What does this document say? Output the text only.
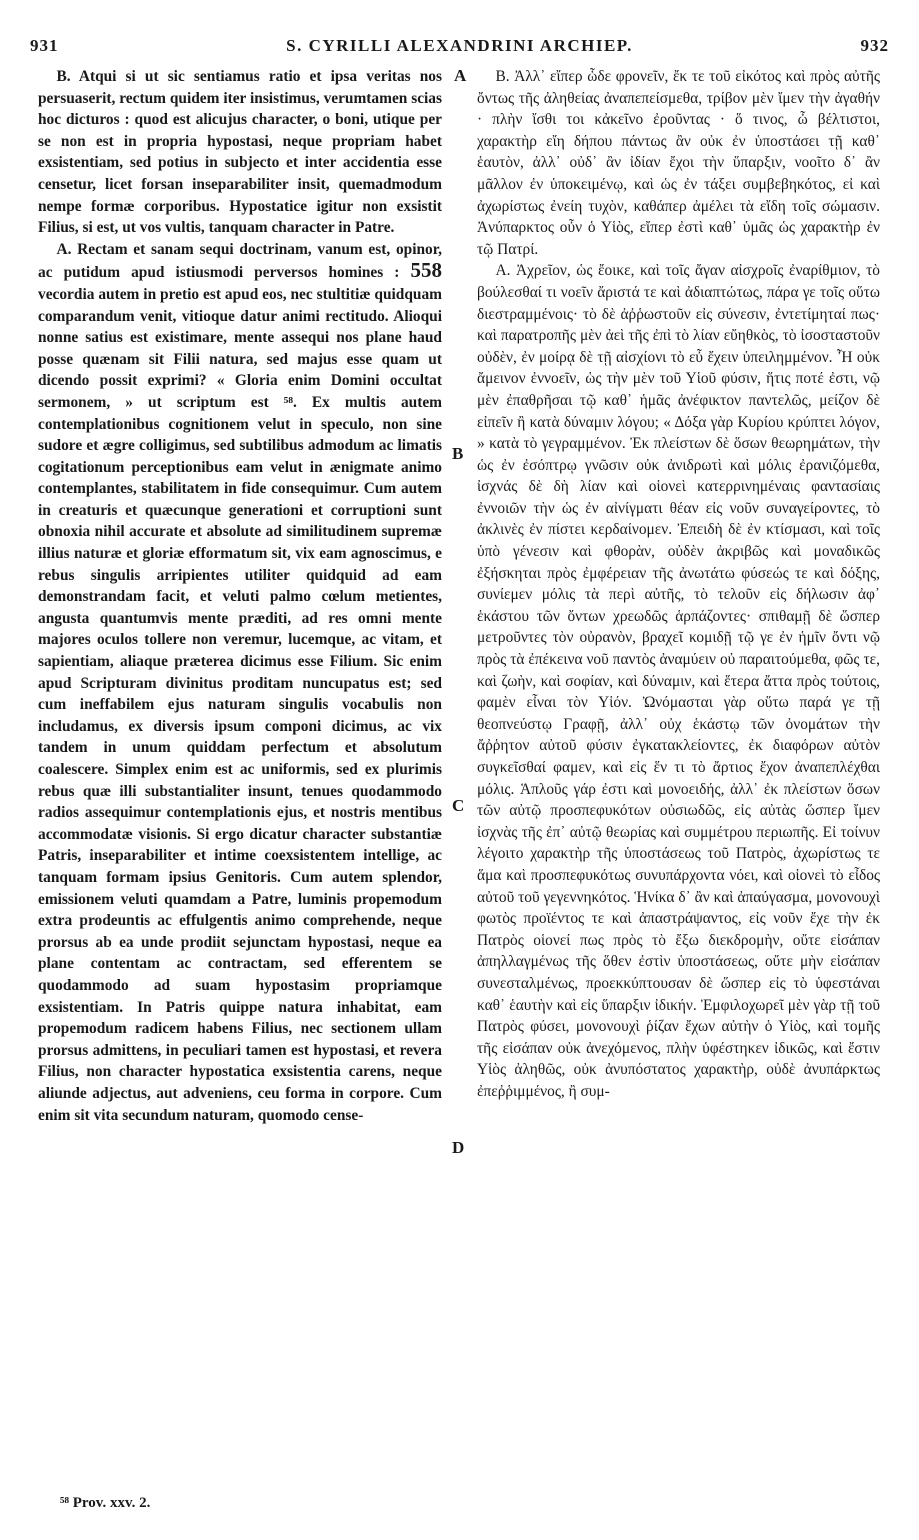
931	S. CYRILLI ALEXANDRINI ARCHIEP.	932

B. Atqui si ut sic sentiamus ratio et ipsa veritas nos persuaserit, rectum quidem iter insistimus, verumtamen scias hoc dicturos : quod est alicujus character, o boni, utique per se non est in propria hypostasi, neque propriam habet exsistentiam, sed potius in subjecto et inter accidentia esse censetur, licet forsan inseparabiliter insit, quemadmodum nempe formæ corporibus. Hypostatice igitur non exsistit Filius, si est, ut vos vultis, tanquam character in Patre.

A. Rectam et sanam sequi doctrinam, vanum est, opinor, ac putidum apud istiusmodi perversos homines : 558 vecordia autem in pretio est apud eos, nec stultitiæ quidquam comparandum venit, vitioque datur animi rectitudo. Alioqui nonne satius est existimare, mente assequi nos plane haud posse quænam sit Filii natura, sed majus esse quam ut dicendo possit exprimi? « Gloria enim Domini occultat sermonem, » ut scriptum est ⁵⁸. Ex multis autem contemplationibus cognitionem velut in speculo, non sine sudore et ægre colligimus, sed subtilibus admodum ac limatis cogitationum perceptionibus eam velut in ænigmate animo contemplantes, stabilitatem in fide consequimur. Cum autem in creaturis et quæcunque generationi et corruptioni sunt obnoxia nihil accurate et absolute ad similitudinem supremæ illius naturæ et gloriæ efformatum sit, vix eam agnoscimus, e rebus singulis arripientes utiliter quidquid ad eam demonstrandam facit, et veluti palmo cœlum metientes, angusta quantumvis mente præditi, ad res omni mente majores oculos tollere non veremur, lucemque, ac vitam, et sapientiam, aliaque præterea dicimus esse Filium. Sic enim apud Scripturam divinitus proditam nuncupatus est; sed cum ineffabilem ejus naturam singulis vocabulis non includamus, ex diversis ipsum componi dicimus, ac vix tandem in unum quiddam perfectum et absolutum coalescere. Simplex enim est ac uniformis, sed ex plurimis rebus quæ illi substantialiter insunt, tenues quodammodo radios assequimur contemplationis ejus, et nostris mentibus accommodatæ visionis. Si ergo dicatur character substantiæ Patris, inseparabiliter et intime coexsistentem intellige, ac tanquam formam ipsius Genitoris. Cum autem splendor, emissionem veluti quamdam a Patre, luminis propemodum extra prodeuntis ac effulgentis animo comprehende, neque prorsus ab ea unde prodiit sejunctam hypostasi, neque ea plane contentam ac contractam, sed efferentem se quodammodo ad suam hypostasim propriamque exsistentiam. In Patris quippe natura inhabitat, eam propemodum radicem habens Filius, nec sectionem ullam prorsus admittens, in peculiari tamen est hypostasi, et revera Filius, non character hypostatica exsistentia carens, neque aliunde adjectus, aut adveniens, ceu forma in corpore. Cum enim sit vita secundum naturam, quomodo cense-

A
B
C
D

B. Ἀλλ᾽ εἴπερ ὧδε φρονεῖν, ἔκ τε τοῦ εἰκότος καὶ πρὸς αὐτῆς ὄντως τῆς ἀληθείας ἀναπεπείσμεθα, τρίβον μὲν ἴμεν τὴν ἀγαθήν · πλὴν ἴσθι τοι κἀκεῖνο ἐροῦντας · ὅ τινος, ὦ βέλτιστοι, χαρακτὴρ εἴη δήπου πάντως ἂν οὐκ ἐν ὑποστάσει τῇ καθ᾽ ἑαυτὸν, ἀλλ᾽ οὐδ᾽ ἂν ἰδίαν ἔχοι τὴν ὕπαρξιν, νοοῖτο δ᾽ ἂν μᾶλλον ἐν ὑποκειμένῳ, καὶ ὡς ἐν τάξει συμβεβηκότος, εἰ καὶ ἀχωρίστως ἐνείη τυχὸν, καθάπερ ἀμέλει τὰ εἴδη τοῖς σώμασιν. Ἀνύπαρκτος οὖν ὁ Υἱὸς, εἴπερ ἐστὶ καθ᾽ ὑμᾶς ὡς χαρακτὴρ ἐν τῷ Πατρί.

A. Ἀχρεῖον, ὡς ἔοικε, καὶ τοῖς ἄγαν αἰσχροῖς ἐναρίθμιον, τὸ βούλεσθαί τι νοεῖν ἄριστά τε καὶ ἀδιαπτώτως, πάρα γε τοῖς οὕτω διεστραμμένοις· τὸ δὲ ἀῤῥωστοῦν εἰς σύνεσιν, ἐντετίμηταί πως· καὶ παρατροπῆς μὲν ἀεὶ τῆς ἐπὶ τὸ λίαν εὔηθκὸς, τὸ ἰσοσταστοῦν οὐδὲν, ἐν μοίρᾳ δὲ τῇ αἰσχίονι τὸ εὖ ἔχειν ὑπειλημμένον. Ἦ οὐκ ἄμεινον ἐννοεῖν, ὡς τὴν μὲν τοῦ Υἱοῦ φύσιν, ἥτις ποτέ ἐστι, νῷ μὲν ἐπαθρῆσαι τῷ καθ᾽ ἡμᾶς ἀνέφικτον παντελῶς, μείζον δὲ εἰπεῖν ἢ κατὰ δύναμιν λόγου; « Δόξα γὰρ Κυρίου κρύπτει λόγον, » κατὰ τὸ γεγραμμένον. Ἐκ πλείστων δὲ ὅσων θεωρημάτων, τὴν ὡς ἐν ἐσόπτρῳ γνῶσιν οὐκ ἀνιδρωτὶ καὶ μόλις ἐρανιζόμεθα, ἰσχνάς δὲ δὴ λίαν καὶ οἱονεὶ κατερρινημέναις φαντασίαις ἐννοιῶν τὴν ὡς ἐν αἰνίγματι θέαν εἰς νοῦν συναγείροντες, τὸ ἀκλινὲς ἐν πίστει κερδαίνομεν. Ἐπειδὴ δὲ ἐν κτίσμασι, καὶ τοῖς ὑπὸ γένεσιν καὶ φθορὰν, οὐδὲν ἀκριβῶς καὶ μοναδικῶς ἐξήσκηται πρὸς ἐμφέρειαν τῆς ἀνωτάτω φύσεώς τε καὶ δόξης, συνίεμεν μόλις τὰ περὶ αὐτῆς, τὸ τελοῦν εἰς δήλωσιν ἀφ᾽ ἑκάστου τῶν ὄντων χρεωδῶς ἁρπάζοντες· σπιθαμῇ δὲ ὥσπερ μετροῦντες τὸν οὐρανὸν, βραχεῖ κομιδῇ τῷ γε ἐν ἡμῖν ὄντι νῷ πρὸς τὰ ἐπέκεινα νοῦ παντὸς ἀναμύειν οὐ παραιτούμεθα, φῶς τε, καὶ ζωὴν, καὶ σοφίαν, καὶ δύναμιν, καὶ ἕτερα ἄττα πρὸς τούτοις, φαμὲν εἶναι τὸν Υἱόν. Ὠνόμασται γὰρ οὕτω παρά γε τῇ θεοπνεύστῳ Γραφῇ, ἀλλ᾽ οὐχ ἑκάστῳ τῶν ὀνομάτων τὴν ἄῤῥητον αὐτοῦ φύσιν ἐγκατακλείοντες, ἐκ διαφόρων αὐτὸν συγκεῖσθαί φαμεν, καὶ εἰς ἕν τι τὸ ἄρτιος ἔχον ἀναπεπλέχθαι μόλις. Ἁπλοῦς γάρ ἐστι καὶ μονοειδής, ἀλλ᾽ ἐκ πλείστων ὅσων τῶν αὐτῷ προσπεφυκότων οὐσιωδῶς, εἰς αὐτὰς ὥσπερ ἴμεν ἰσχνὰς τῆς ἐπ᾽ αὐτῷ θεωρίας καὶ συμμέτρου περιωπῆς. Εἰ τοίνυν λέγοιτο χαρακτὴρ τῆς ὑποστάσεως τοῦ Πατρὸς, ἀχωρίστως τε ἅμα καὶ προσπεφυκότως συνυπάρχοντα νόει, καὶ οἱονεὶ τὸ εἶδος αὐτοῦ τοῦ γεγεννηκότος. Ἡνίκα δ᾽ ἂν καὶ ἀπαύγασμα, μονονουχὶ φωτὸς προϊέντος τε καὶ ἀπαστράψαντος, εἰς νοῦν ἔχε τὴν ἐκ Πατρὸς οἱονεί πως πρὸς τὸ ἔξω διεκδρομὴν, οὔτε εἰσάπαν ἀπηλλαγμένως τῆς ὅθεν ἐστὶν ὑποστάσεως, οὔτε μὴν εἰσάπαν συνεσταλμένως, προεκκύπτουσαν δὲ ὥσπερ εἰς τὸ ὑφεστάναι καθ᾽ ἑαυτὴν καὶ εἰς ὕπαρξιν ἰδικήν. Ἐμφιλοχωρεῖ μὲν γὰρ τῇ τοῦ Πατρὸς φύσει, μονονουχὶ ῥίζαν ἔχων αὐτὴν ὁ Υἱὸς, καὶ τομῆς τῆς εἰσάπαν οὐκ ἀνεχόμενος, πλὴν ὑφέστηκεν ἰδικῶς, καὶ ἔστιν Υἱὸς ἀληθῶς, οὐκ ἀνυπόστατος χαρακτὴρ, οὐδὲ ἀνυπάρκτως ἐπεῤῥιμμένος, ἢ συμ-

⁵⁸ Prov. xxv. 2.
